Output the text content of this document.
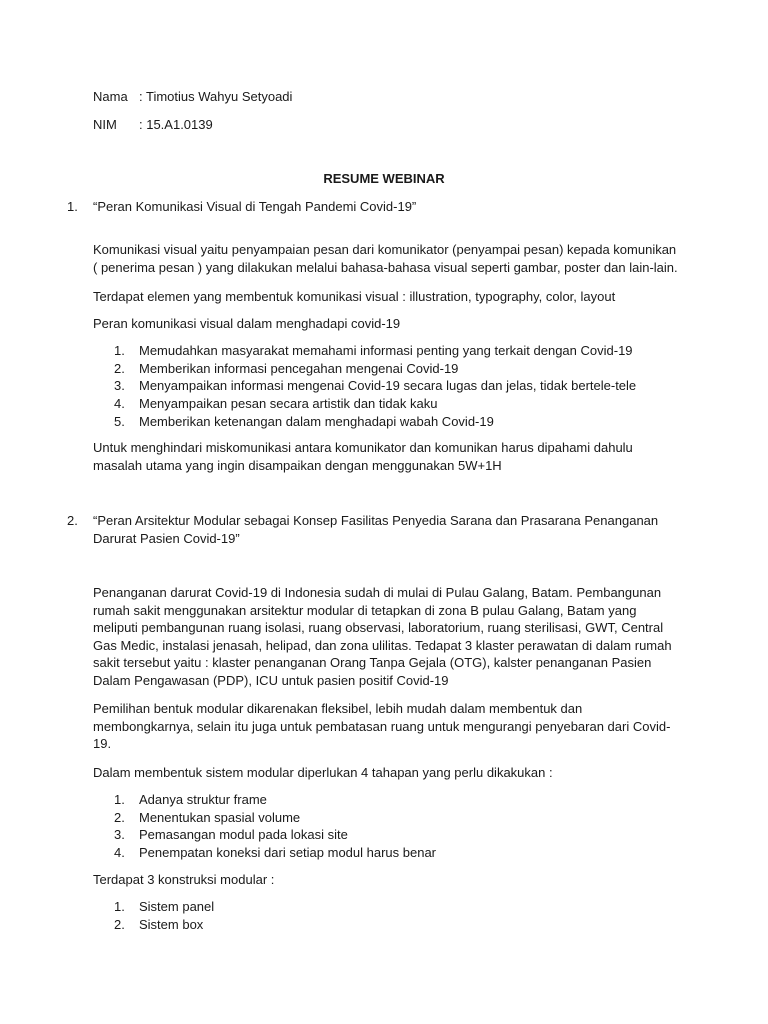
Nama : Timotius Wahyu Setyoadi
NIM : 15.A1.0139
RESUME WEBINAR
1. “Peran Komunikasi Visual di Tengah Pandemi Covid-19”
Komunikasi visual yaitu penyampaian pesan dari komunikator (penyampai pesan) kepada komunikan ( penerima pesan ) yang dilakukan melalui bahasa-bahasa visual seperti gambar, poster dan lain-lain.
Terdapat elemen yang membentuk komunikasi visual : illustration, typography, color, layout
Peran komunikasi visual dalam menghadapi covid-19
1. Memudahkan masyarakat memahami informasi penting yang terkait dengan Covid-19
2. Memberikan informasi pencegahan mengenai Covid-19
3. Menyampaikan informasi mengenai Covid-19 secara lugas dan jelas, tidak bertele-tele
4. Menyampaikan pesan secara artistik dan tidak kaku
5. Memberikan ketenangan dalam menghadapi wabah Covid-19
Untuk menghindari miskomunikasi antara komunikator dan komunikan harus dipahami dahulu masalah utama yang ingin disampaikan dengan menggunakan 5W+1H
2. “Peran Arsitektur Modular sebagai Konsep Fasilitas Penyedia Sarana dan Prasarana Penanganan Darurat Pasien Covid-19”
Penanganan darurat Covid-19 di Indonesia sudah di mulai di Pulau Galang, Batam. Pembangunan rumah sakit menggunakan arsitektur modular di tetapkan di zona B pulau Galang, Batam yang meliputi pembangunan ruang isolasi, ruang observasi, laboratorium, ruang sterilisasi, GWT, Central Gas Medic, instalasi jenasah, helipad, dan zona ulilitas. Tedapat 3 klaster perawatan di dalam rumah sakit tersebut yaitu : klaster penanganan Orang Tanpa Gejala (OTG), kalster penanganan Pasien Dalam Pengawasan (PDP), ICU untuk pasien positif Covid-19
Pemilihan bentuk modular dikarenakan fleksibel, lebih mudah dalam membentuk dan membongkarnya, selain itu juga untuk pembatasan ruang untuk mengurangi penyebaran dari Covid-19.
Dalam membentuk sistem modular diperlukan 4 tahapan yang perlu dikakukan :
1. Adanya struktur frame
2. Menentukan spasial volume
3. Pemasangan modul pada lokasi site
4. Penempatan koneksi dari setiap modul harus benar
Terdapat 3 konstruksi modular :
1. Sistem panel
2. Sistem box
